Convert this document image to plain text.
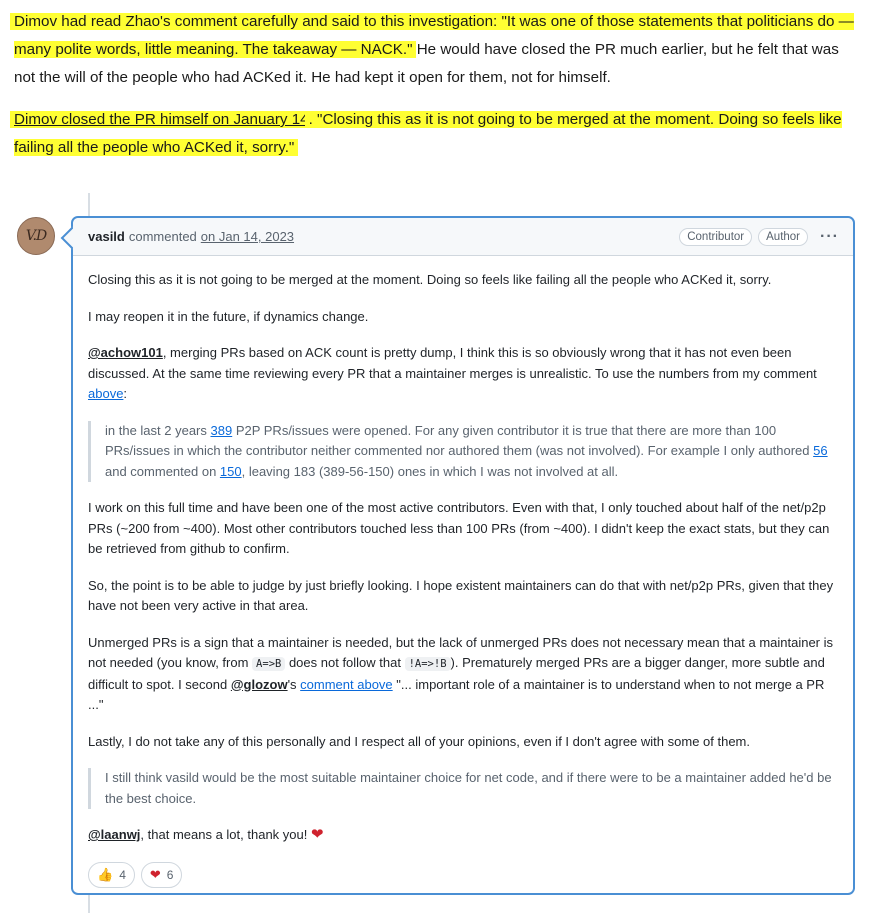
Dimov had read Zhao's comment carefully and said to this investigation: "It was one of those statements that politicians do — many polite words, little meaning. The takeaway — NACK." He would have closed the PR much earlier, but he felt that was not the will of the people who had ACKed it. He had kept it open for them, not for himself.

Dimov closed the PR himself on January 14. "Closing this as it is not going to be merged at the moment. Doing so feels like failing all the people who ACKed it, sorry."

V.D	vasild commented on Jan 14, 2023	Contributor	Author	···

Closing this as it is not going to be merged at the moment. Doing so feels like failing all the people who ACKed it, sorry.

I may reopen it in the future, if dynamics change.

@achow101, merging PRs based on ACK count is pretty dump, I think this is so obviously wrong that it has not even been discussed. At the same time reviewing every PR that a maintainer merges is unrealistic. To use the numbers from my comment above:

in the last 2 years 389 P2P PRs/issues were opened. For any given contributor it is true that there are more than 100 PRs/issues in which the contributor neither commented nor authored them (was not involved). For example I only authored 56 and commented on 150, leaving 183 (389-56-150) ones in which I was not involved at all.

I work on this full time and have been one of the most active contributors. Even with that, I only touched about half of the net/p2p PRs (~200 from ~400). Most other contributors touched less than 100 PRs (from ~400). I didn't keep the exact stats, but they can be retrieved from github to confirm.

So, the point is to be able to judge by just briefly looking. I hope existent maintainers can do that with net/p2p PRs, given that they have not been very active in that area.

Unmerged PRs is a sign that a maintainer is needed, but the lack of unmerged PRs does not necessary mean that a maintainer is not needed (you know, from A=>B does not follow that !A=>!B ). Prematurely merged PRs are a bigger danger, more subtle and difficult to spot. I second @glozow's comment above "... important role of a maintainer is to understand when to not merge a PR ..."

Lastly, I do not take any of this personally and I respect all of your opinions, even if I don't agree with some of them.

I still think vasild would be the most suitable maintainer choice for net code, and if there were to be a maintainer added he'd be the best choice.

@laanwj, that means a lot, thank you! ❤

👍 4 ❤ 6
